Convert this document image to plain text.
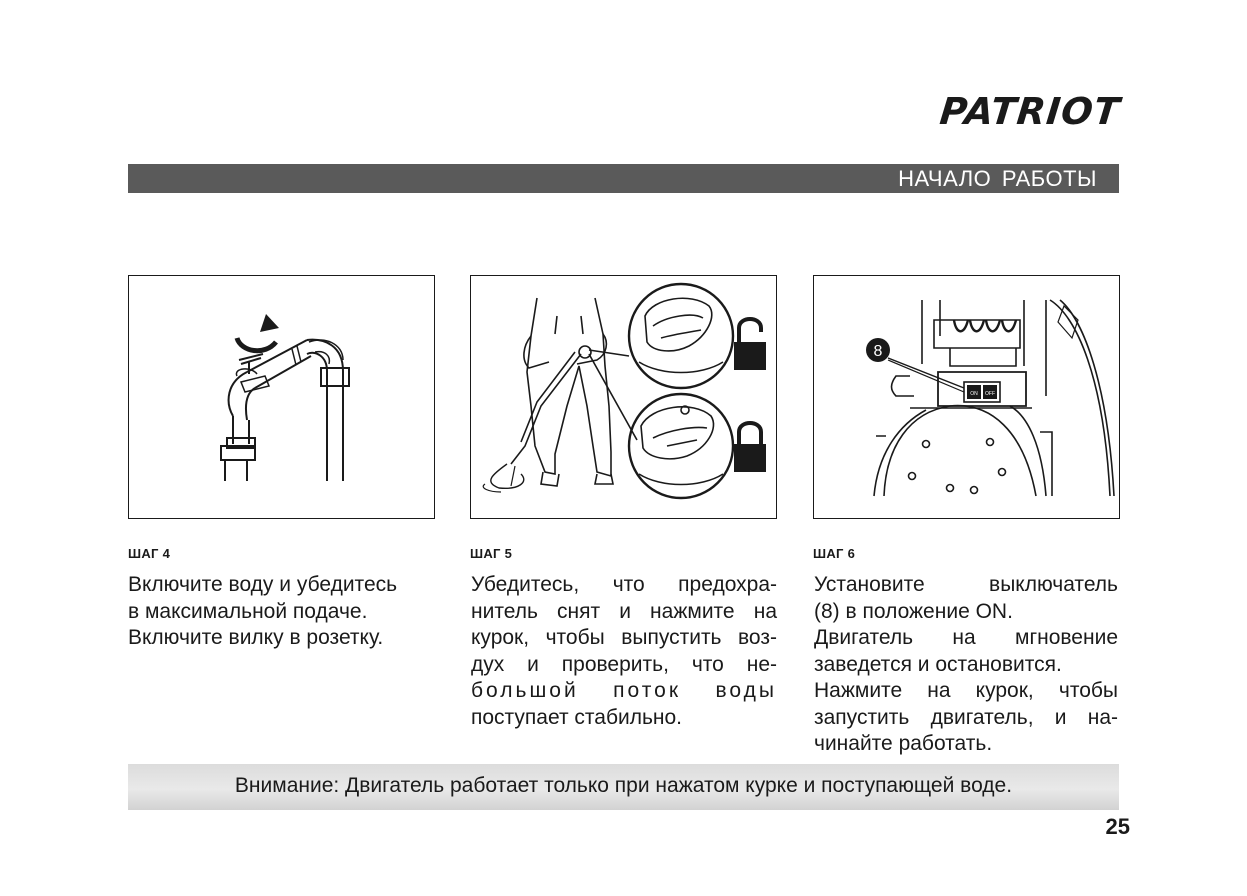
PATRIOT
НАЧАЛО РАБОТЫ
ON OFF
8
ШАГ 4	ШАГ 5	ШАГ 6
Включите воду и убедитесь
в максимальной подаче.
Включите вилку в розетку.
Убедитесь, что предохра-
нитель снят и нажмите на
курок, чтобы выпустить воз-
дух и проверить, что не-
большой поток воды
поступает стабильно.
Установите выключатель
(8) в положение ON.
Двигатель на мгновение
заведется и остановится.
Нажмите на курок, чтобы
запустить двигатель, и на-
чинайте работать.
Внимание: Двигатель работает только при нажатом курке и поступающей воде.
25
